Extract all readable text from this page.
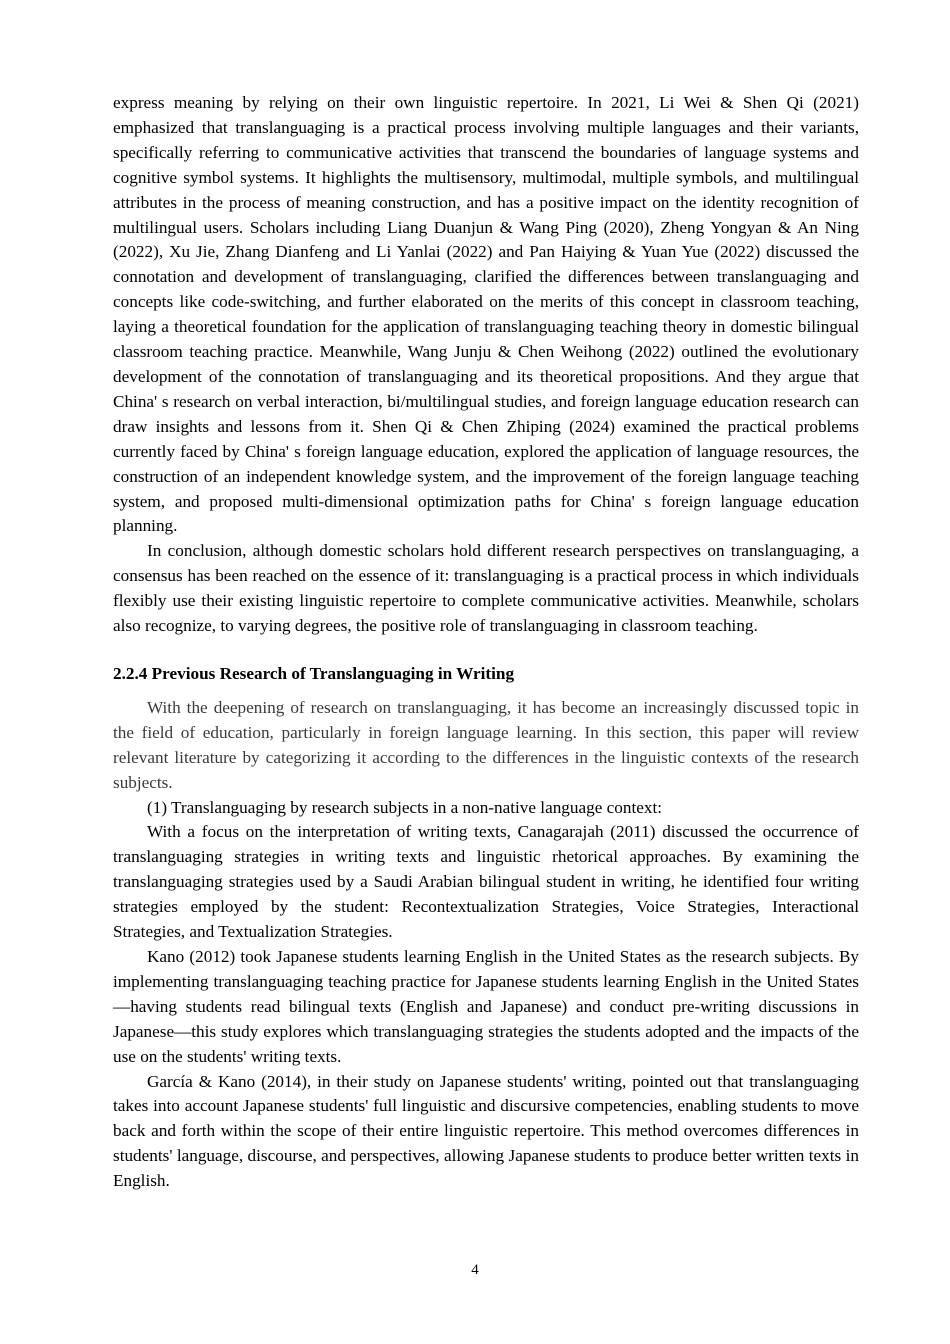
express meaning by relying on their own linguistic repertoire. In 2021, Li Wei & Shen Qi (2021) emphasized that translanguaging is a practical process involving multiple languages and their variants, specifically referring to communicative activities that transcend the boundaries of language systems and cognitive symbol systems. It highlights the multisensory, multimodal, multiple symbols, and multilingual attributes in the process of meaning construction, and has a positive impact on the identity recognition of multilingual users. Scholars including Liang Duanjun & Wang Ping (2020), Zheng Yongyan & An Ning (2022), Xu Jie, Zhang Dianfeng and Li Yanlai (2022) and Pan Haiying & Yuan Yue (2022) discussed the connotation and development of translanguaging, clarified the differences between translanguaging and concepts like code-switching, and further elaborated on the merits of this concept in classroom teaching, laying a theoretical foundation for the application of translanguaging teaching theory in domestic bilingual classroom teaching practice. Meanwhile, Wang Junju & Chen Weihong (2022) outlined the evolutionary development of the connotation of translanguaging and its theoretical propositions. And they argue that China' s research on verbal interaction, bi/multilingual studies, and foreign language education research can draw insights and lessons from it. Shen Qi & Chen Zhiping (2024) examined the practical problems currently faced by China' s foreign language education, explored the application of language resources, the construction of an independent knowledge system, and the improvement of the foreign language teaching system, and proposed multi-dimensional optimization paths for China' s foreign language education planning.

In conclusion, although domestic scholars hold different research perspectives on translanguaging, a consensus has been reached on the essence of it: translanguaging is a practical process in which individuals flexibly use their existing linguistic repertoire to complete communicative activities. Meanwhile, scholars also recognize, to varying degrees, the positive role of translanguaging in classroom teaching.

2.2.4 Previous Research of Translanguaging in Writing

With the deepening of research on translanguaging, it has become an increasingly discussed topic in the field of education, particularly in foreign language learning. In this section, this paper will review relevant literature by categorizing it according to the differences in the linguistic contexts of the research subjects.

(1) Translanguaging by research subjects in a non-native language context:

With a focus on the interpretation of writing texts, Canagarajah (2011) discussed the occurrence of translanguaging strategies in writing texts and linguistic rhetorical approaches. By examining the translanguaging strategies used by a Saudi Arabian bilingual student in writing, he identified four writing strategies employed by the student: Recontextualization Strategies, Voice Strategies, Interactional Strategies, and Textualization Strategies.

Kano (2012) took Japanese students learning English in the United States as the research subjects. By implementing translanguaging teaching practice for Japanese students learning English in the United States—having students read bilingual texts (English and Japanese) and conduct pre-writing discussions in Japanese—this study explores which translanguaging strategies the students adopted and the impacts of the use on the students' writing texts.

García & Kano (2014), in their study on Japanese students' writing, pointed out that translanguaging takes into account Japanese students' full linguistic and discursive competencies, enabling students to move back and forth within the scope of their entire linguistic repertoire. This method overcomes differences in students' language, discourse, and perspectives, allowing Japanese students to produce better written texts in English.

4
